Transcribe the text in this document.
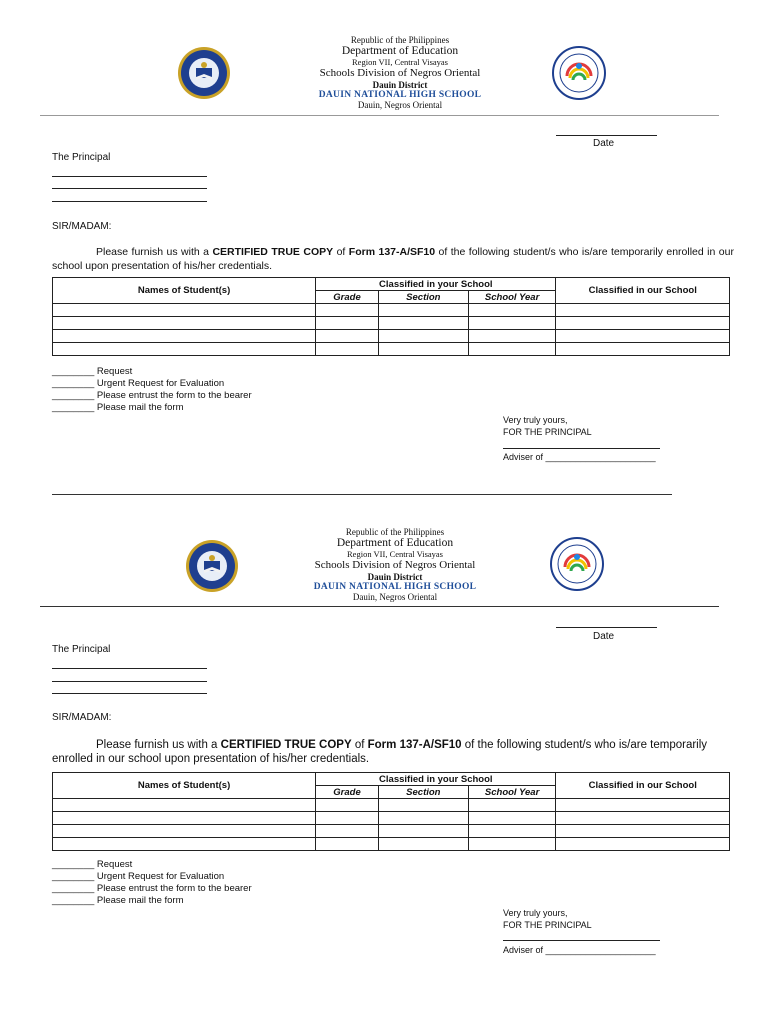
Republic of the Philippines
Department of Education
Region VII, Central Visayas
Schools Division of Negros Oriental
Dauin District
DAUIN NATIONAL HIGH SCHOOL
Dauin, Negros Oriental
Date
The Principal
SIR/MADAM:
Please furnish us with a CERTIFIED TRUE COPY of Form 137-A/SF10 of the following student/s who is/are temporarily enrolled in our school upon presentation of his/her credentials.
Names of Student(s)	Classified in your School			Classified in our School
	Grade	Section	School Year	

________ Request
________ Urgent Request for Evaluation
________ Please entrust the form to the bearer
________ Please mail the form
Very truly yours,
FOR THE PRINCIPAL
Adviser of ______________________
Republic of the Philippines
Department of Education
Region VII, Central Visayas
Schools Division of Negros Oriental
Dauin District
DAUIN NATIONAL HIGH SCHOOL
Dauin, Negros Oriental
Date
The Principal
SIR/MADAM:
Please furnish us with a CERTIFIED TRUE COPY of Form 137-A/SF10 of the following student/s who is/are temporarily enrolled in our school upon presentation of his/her credentials.
Names of Student(s)	Classified in your School			Classified in our School
	Grade	Section	School Year	

________ Request
________ Urgent Request for Evaluation
________ Please entrust the form to the bearer
________ Please mail the form
Very truly yours,
FOR THE PRINCIPAL
Adviser of ______________________
